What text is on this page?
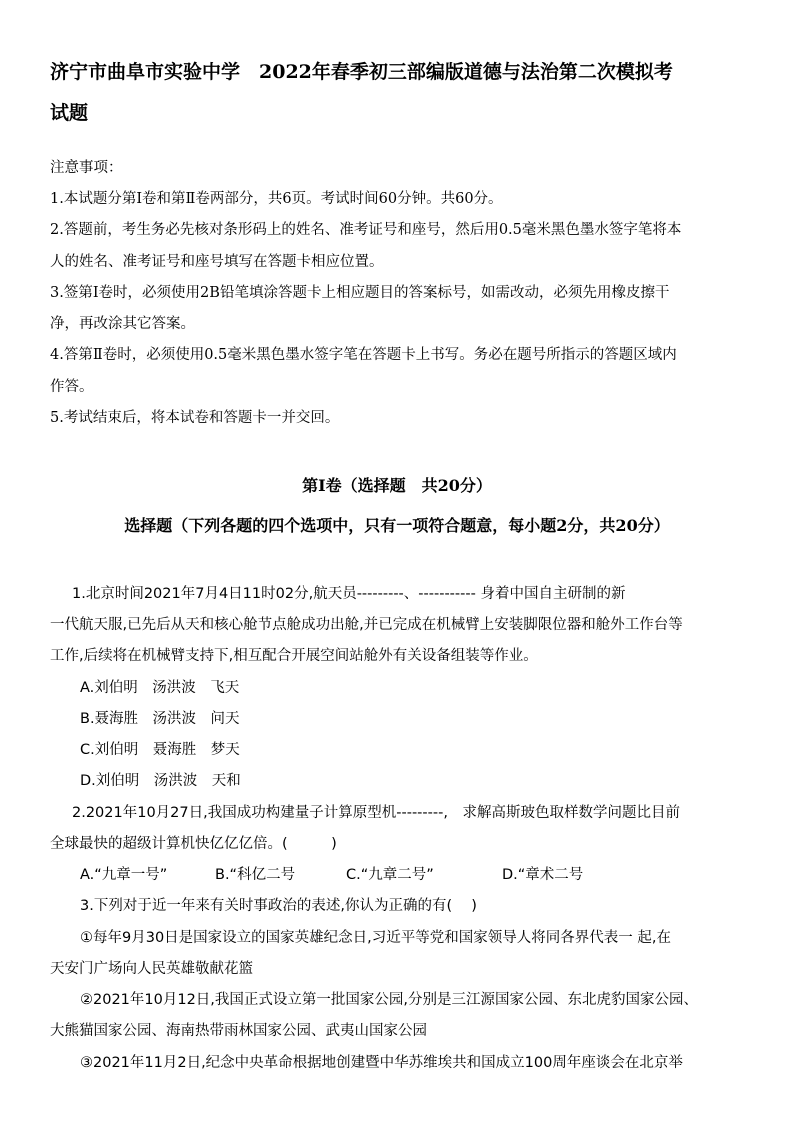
济宁市曲阜市实验中学　2022年春季初三部编版道德与法治第二次模拟考
试题
注意事项：
1.本试题分第Ⅰ卷和第Ⅱ卷两部分，共6页。考试时间60分钟。共60分。
2.答题前，考生务必先核对条形码上的姓名、准考证号和座号，然后用0.5毫米黑色墨水签字笔将本
人的姓名、准考证号和座号填写在答题卡相应位置。
3.签第Ⅰ卷时，必须使用2B铅笔填涂答题卡上相应题目的答案标号，如需改动，必须先用橡皮擦干
净，再改涂其它答案。
4.答第Ⅱ卷时，必须使用0.5毫米黑色墨水签字笔在答题卡上书写。务必在题号所指示的答题区域内
作答。
5.考试结束后，将本试卷和答题卡一并交回。
第Ⅰ卷（选择题　共20分）
选择题（下列各题的四个选项中，只有一项符合题意，每小题2分，共20分）
1.北京时间2021年7月4日11时02分,航天员---------、----------- 身着中国自主研制的新
一代航天服,已先后从天和核心舱节点舱成功出舱,并已完成在机械臂上安装脚限位器和舱外工作台等
工作,后续将在机械臂支持下,相互配合开展空间站舱外有关设备组装等作业。
A.刘伯明　汤洪波　飞天
B.聂海胜　汤洪波　问天
C.刘伯明　聂海胜　梦天
D.刘伯明　汤洪波　天和
2.2021年10月27日,我国成功构建量子计算原型机---------,　求解高斯玻色取样数学问题比目前
全球最快的超级计算机快亿亿亿倍。(　　　)
A.“九章一号”	B.“科亿二号	C.“九章二号”	D.“章术二号
3.下列对于近一年来有关时事政治的表述,你认为正确的有(　 )
①每年9月30日是国家设立的国家英雄纪念日,习近平等党和国家领导人将同各界代表一 起,在
天安门广场向人民英雄敬献花篮
②2021年10月12日,我国正式设立第一批国家公园,分别是三江源国家公园、东北虎豹国家公园、
大熊猫国家公园、海南热带雨林国家公园、武夷山国家公园
③2021年11月2日,纪念中央革命根据地创建暨中华苏维埃共和国成立100周年座谈会在北京举
